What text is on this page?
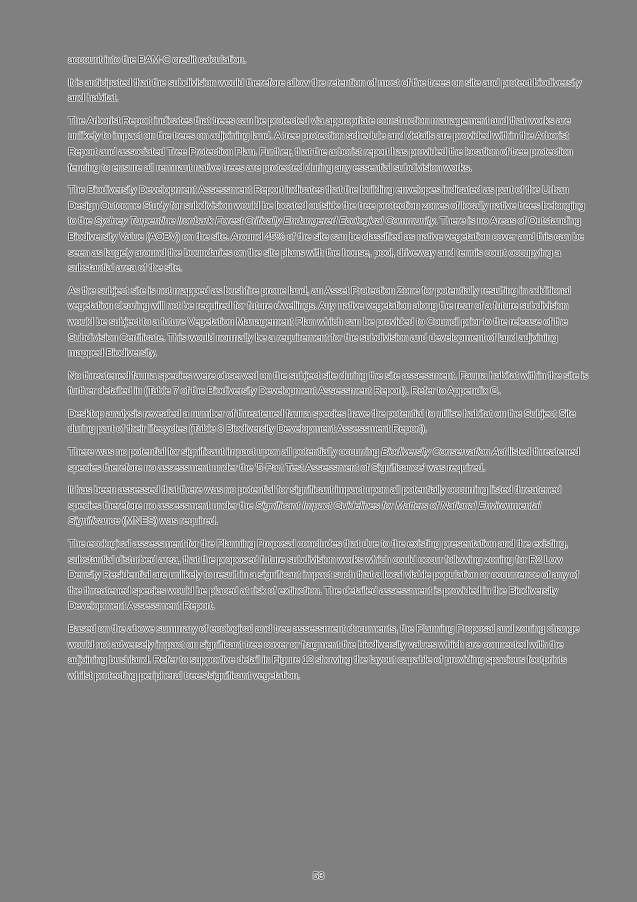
account into the BAM-C credit calculation.

It is anticipated that the subdivision would therefore allow the retention of most of the trees on site and protect biodiversity and habitat.

The Arborist Report indicates that trees can be protected via appropriate construction management and that works are unlikely to impact on the trees on adjoining land. A tree protection schedule and details are provided within the Arborist Report and associated Tree Protection Plan. Further, that the arborist report has provided the location of tree protection fencing to ensure all remnant native trees are protected during any essential subdivision works.

The Biodiversity Development Assessment Report indicates that the building envelopes indicated as part of the Urban Design Outcome Study for subdivision would be located outside the tree protection zones of locally native trees belonging to the Sydney Turpentine Ironbark Forest Critically Endangered Ecological Community. There is no Areas of Outstanding Biodiversity Value (AOBV) on the site. Around 45% of the site can be classified as native vegetation cover and this can be seen as largely around the boundaries on the site plans with the house, pool, driveway and tennis court occupying a substantial area of the site.

As the subject site is not mapped as bushfire prone land, an Asset Protection Zone for potentially resulting in additional vegetation clearing will not be required for future dwellings. Any native vegetation along the rear of a future subdivision would be subject to a future Vegetation Management Plan which can be provided to Council prior to the release of the Subdivision Certificate. This would normally be a requirement for the subdivision and development of land adjoining mapped Biodiversity.

No threatened fauna species were observed on the subject site during the site assessment. Fauna habitat within the site is further detailed in (Table 7 of the Biodiversity Development Assessment Report). Refer to Appendix G.

Desktop analysis revealed a number of threatened fauna species have the potential to utilise habitat on the Subject Site during part of their lifecycles (Table 8 Biodiversity Development Assessment Report).

There was no potential for significant impact upon all potentially occurring Biodiversity Conservation Act listed threatened species therefore no assessment under the '5-Part Test Assessment of Significance' was required.

It has been assessed that there was no potential for significant impact upon all potentially occurring listed threatened species therefore no assessment under the Significant Impact Guidelines for Matters of National Environmental Significance (MNES) was required.

The ecological assessment for the Planning Proposal concludes that due to the existing presentation and the existing, substantial disturbed area, that the proposed future subdivision works which could occur following zoning for R2 Low Density Residential are unlikely to result in a significant impact such that a local viable population or occurrence of any of the threatened species would be placed at risk of extinction. The detailed assessment is provided in the Biodiversity Development Assessment Report.

Based on the above summary of ecological and tree assessment documents, the Planning Proposal and zoning change would not adversely impact on significant tree cover or fragment the biodiversity values which are connected with the adjoining bushland. Refer to supportive detail in Figure 12 showing the layout capable of providing spacious footprints whilst protecting peripheral trees/significant vegetation.

53
